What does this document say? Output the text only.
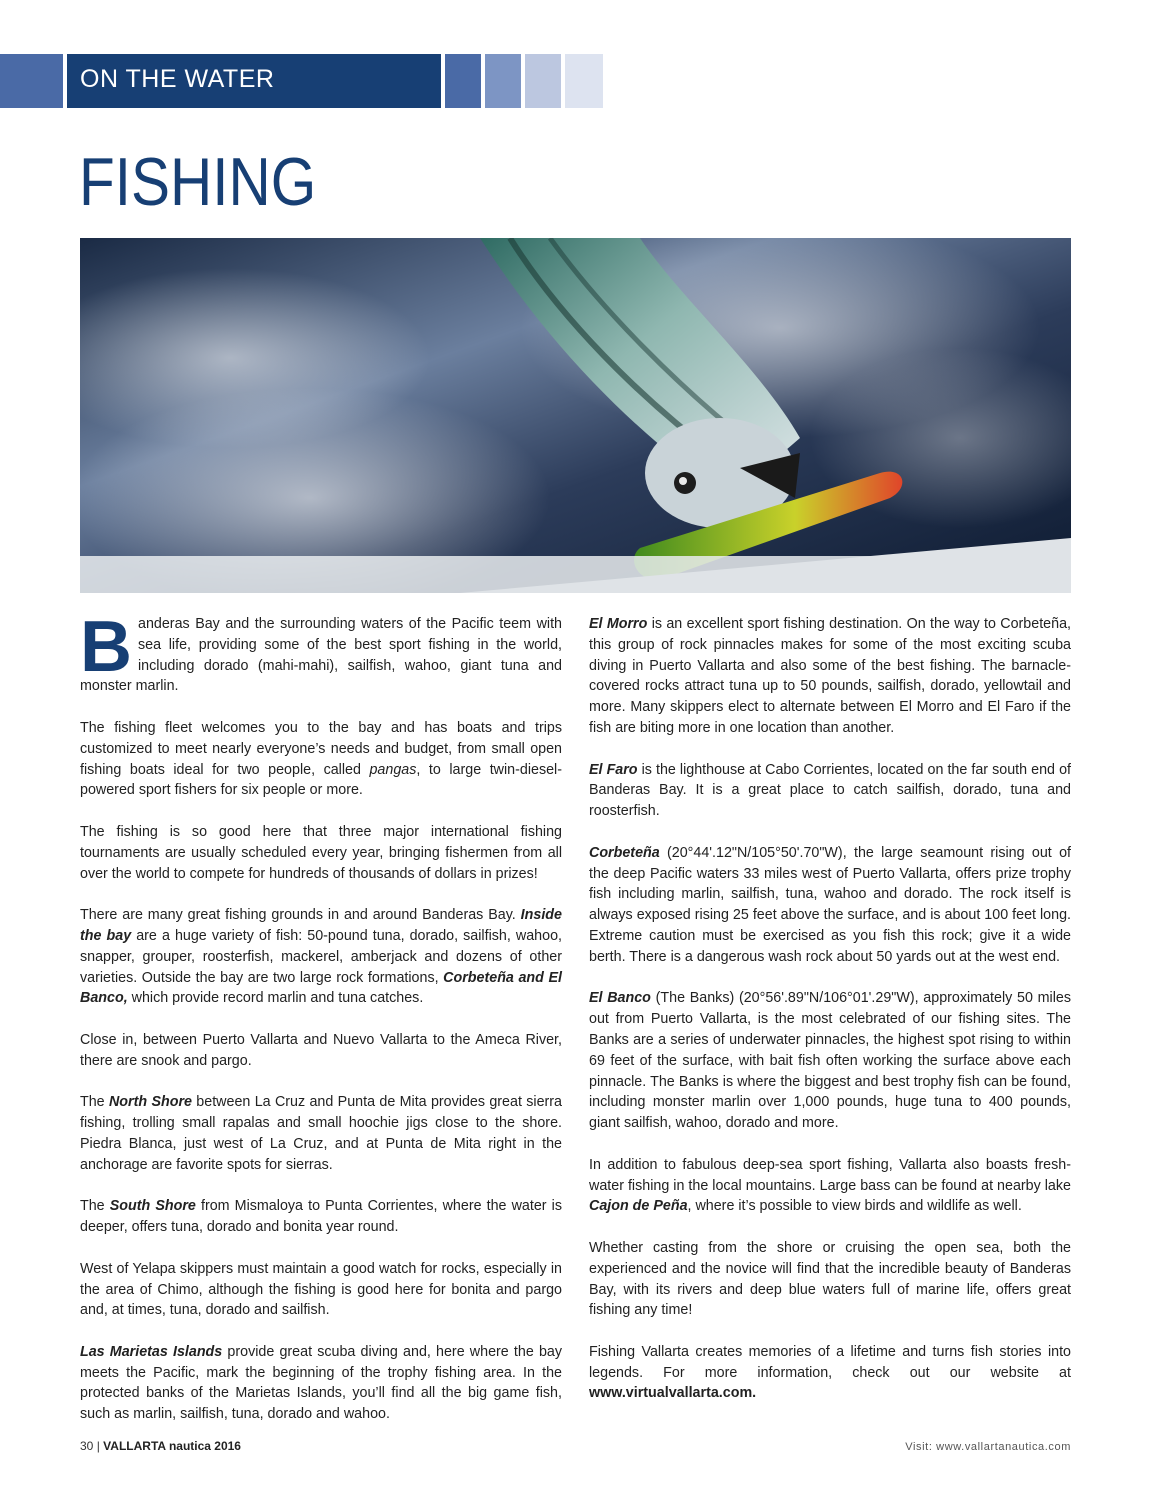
ON THE WATER
FISHING

Banderas Bay and the surrounding waters of the Pacific teem with sea life, providing some of the best sport fishing in the world, including dorado (mahi-mahi), sailfish, wahoo, giant tuna and monster marlin.

The fishing fleet welcomes you to the bay and has boats and trips customized to meet nearly everyone’s needs and budget, from small open fishing boats ideal for two people, called pangas, to large twin-diesel-powered sport fishers for six people or more.

The fishing is so good here that three major international fishing tournaments are usually scheduled every year, bringing fishermen from all over the world to compete for hundreds of thousands of dollars in prizes!

There are many great fishing grounds in and around Banderas Bay. Inside the bay are a huge variety of fish: 50-pound tuna, dorado, sailfish, wahoo, snapper, grouper, roosterfish, mackerel, amberjack and dozens of other varieties. Outside the bay are two large rock formations, Corbeteña and El Banco, which provide record marlin and tuna catches.

Close in, between Puerto Vallarta and Nuevo Vallarta to the Ameca River, there are snook and pargo.

The North Shore between La Cruz and Punta de Mita provides great sierra fishing, trolling small rapalas and small hoochie jigs close to the shore. Piedra Blanca, just west of La Cruz, and at Punta de Mita right in the anchorage are favorite spots for sierras.

The South Shore from Mismaloya to Punta Corrientes, where the water is deeper, offers tuna, dorado and bonita year round.

West of Yelapa skippers must maintain a good watch for rocks, especially in the area of Chimo, although the fishing is good here for bonita and pargo and, at times, tuna, dorado and sailfish.

Las Marietas Islands provide great scuba diving and, here where the bay meets the Pacific, mark the beginning of the trophy fishing area. In the protected banks of the Marietas Islands, you’ll find all the big game fish, such as marlin, sailfish, tuna, dorado and wahoo.

El Morro is an excellent sport fishing destination. On the way to Corbeteña, this group of rock pinnacles makes for some of the most exciting scuba diving in Puerto Vallarta and also some of the best fishing. The barnacle-covered rocks attract tuna up to 50 pounds, sailfish, dorado, yellowtail and more. Many skippers elect to alternate between El Morro and El Faro if the fish are biting more in one location than another.

El Faro is the lighthouse at Cabo Corrientes, located on the far south end of Banderas Bay. It is a great place to catch sailfish, dorado, tuna and roosterfish.

Corbeteña (20°44'.12"N/105°50'.70"W), the large seamount rising out of the deep Pacific waters 33 miles west of Puerto Vallarta, offers prize trophy fish including marlin, sailfish, tuna, wahoo and dorado. The rock itself is always exposed rising 25 feet above the surface, and is about 100 feet long. Extreme caution must be exercised as you fish this rock; give it a wide berth. There is a dangerous wash rock about 50 yards out at the west end.

El Banco (The Banks) (20°56'.89"N/106°01'.29"W), approximately 50 miles out from Puerto Vallarta, is the most celebrated of our fishing sites. The Banks are a series of underwater pinnacles, the highest spot rising to within 69 feet of the surface, with bait fish often working the surface above each pinnacle. The Banks is where the biggest and best trophy fish can be found, including monster marlin over 1,000 pounds, huge tuna to 400 pounds, giant sailfish, wahoo, dorado and more.

In addition to fabulous deep-sea sport fishing, Vallarta also boasts fresh-water fishing in the local mountains. Large bass can be found at nearby lake Cajon de Peña, where it’s possible to view birds and wildlife as well.

Whether casting from the shore or cruising the open sea, both the experienced and the novice will find that the incredible beauty of Banderas Bay, with its rivers and deep blue waters full of marine life, offers great fishing any time!

Fishing Vallarta creates memories of a lifetime and turns fish stories into legends. For more information, check out our website at www.virtualvallarta.com.

30 | VALLARTA nautica 2016	Visit: www.vallartanautica.com
